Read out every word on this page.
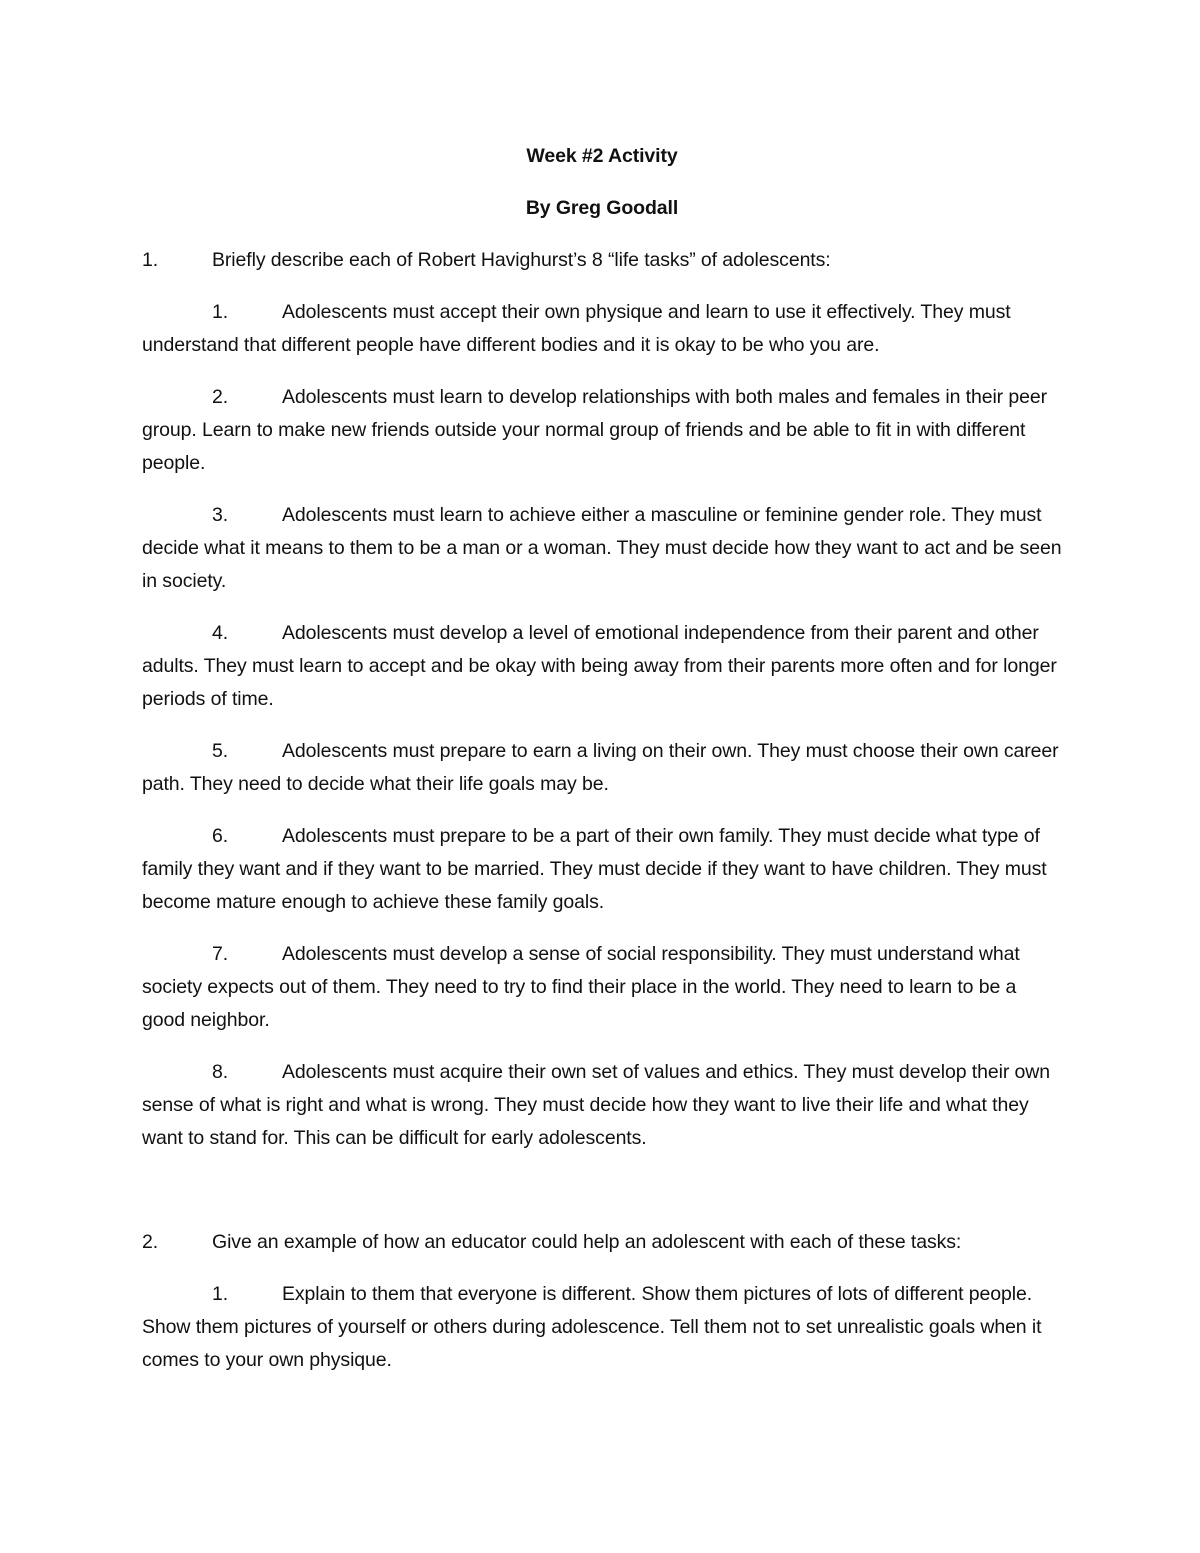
Week #2 Activity

By Greg Goodall

1.	Briefly describe each of Robert Havighurst’s 8 “life tasks” of adolescents:

1.	Adolescents must accept their own physique and learn to use it effectively. They must understand that different people have different bodies and it is okay to be who you are.

2.	Adolescents must learn to develop relationships with both males and females in their peer group. Learn to make new friends outside your normal group of friends and be able to fit in with different people.

3.	Adolescents must learn to achieve either a masculine or feminine gender role. They must decide what it means to them to be a man or a woman. They must decide how they want to act and be seen in society.

4.	Adolescents must develop a level of emotional independence from their parent and other adults. They must learn to accept and be okay with being away from their parents more often and for longer periods of time.

5.	Adolescents must prepare to earn a living on their own. They must choose their own career path. They need to decide what their life goals may be.

6.	Adolescents must prepare to be a part of their own family. They must decide what type of family they want and if they want to be married. They must decide if they want to have children. They must become mature enough to achieve these family goals.

7.	Adolescents must develop a sense of social responsibility. They must understand what society expects out of them. They need to try to find their place in the world. They need to learn to be a good neighbor.

8.	Adolescents must acquire their own set of values and ethics. They must develop their own sense of what is right and what is wrong. They must decide how they want to live their life and what they want to stand for. This can be difficult for early adolescents.

2.	Give an example of how an educator could help an adolescent with each of these tasks:

1.	Explain to them that everyone is different. Show them pictures of lots of different people. Show them pictures of yourself or others during adolescence. Tell them not to set unrealistic goals when it comes to your own physique.
